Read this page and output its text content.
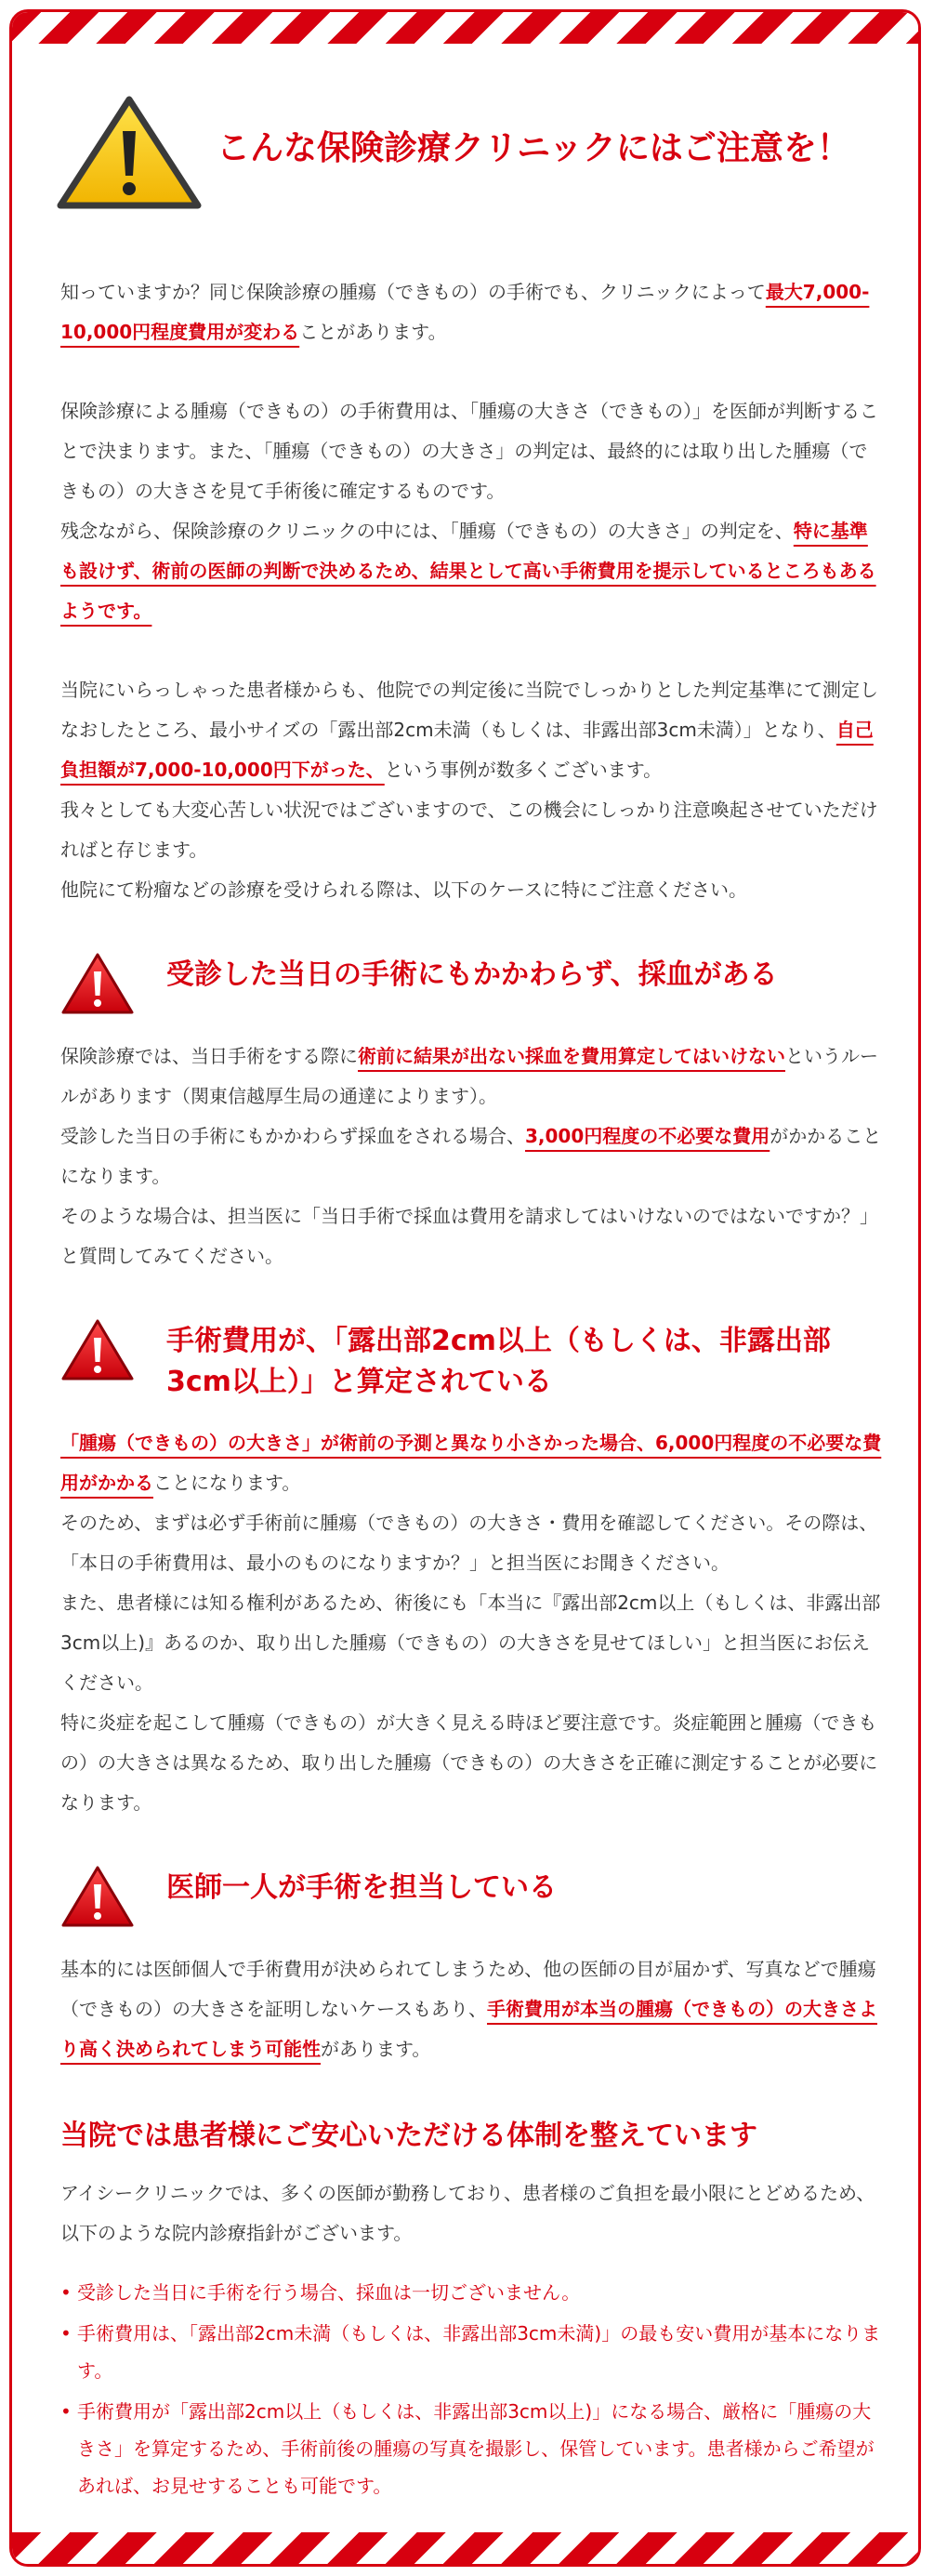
こんな保険診療クリニックにはご注意を！

知っていますか？同じ保険診療の腫瘍（できもの）の手術でも、クリニックによって最大7,000-10,000円程度費用が変わることがあります。

保険診療による腫瘍（できもの）の手術費用は、「腫瘍の大きさ（できもの）」を医師が判断することで決まります。また、「腫瘍（できもの）の大きさ」の判定は、最終的には取り出した腫瘍（できもの）の大きさを見て手術後に確定するものです。

残念ながら、保険診療のクリニックの中には、「腫瘍（できもの）の大きさ」の判定を、特に基準も設けず、術前の医師の判断で決めるため、結果として高い手術費用を提示しているところもあるようです。

当院にいらっしゃった患者様からも、他院での判定後に当院でしっかりとした判定基準にて測定しなおしたところ、最小サイズの「露出部2cm未満（もしくは、非露出部3cm未満）」となり、自己負担額が7,000-10,000円下がった、という事例が数多くございます。

我々としても大変心苦しい状況ではございますので、この機会にしっかり注意喚起させていただければと存じます。

他院にて粉瘤などの診療を受けられる際は、以下のケースに特にご注意ください。

受診した当日の手術にもかかわらず、採血がある

保険診療では、当日手術をする際に術前に結果が出ない採血を費用算定してはいけないというルールがあります（関東信越厚生局の通達によります）。

受診した当日の手術にもかかわらず採血をされる場合、3,000円程度の不必要な費用がかかることになります。

そのような場合は、担当医に「当日手術で採血は費用を請求してはいけないのではないですか？」と質問してみてください。

手術費用が、「露出部2cm以上（もしくは、非露出部3cm以上）」と算定されている

「腫瘍（できもの）の大きさ」が術前の予測と異なり小さかった場合、6,000円程度の不必要な費用がかかることになります。

そのため、まずは必ず手術前に腫瘍（できもの）の大きさ・費用を確認してください。その際は、「本日の手術費用は、最小のものになりますか？」と担当医にお聞きください。

また、患者様には知る権利があるため、術後にも「本当に『露出部2cm以上（もしくは、非露出部3cm以上)』あるのか、取り出した腫瘍（できもの）の大きさを見せてほしい」と担当医にお伝えください。

特に炎症を起こして腫瘍（できもの）が大きく見える時ほど要注意です。炎症範囲と腫瘍（できもの）の大きさは異なるため、取り出した腫瘍（できもの）の大きさを正確に測定することが必要になります。

医師一人が手術を担当している

基本的には医師個人で手術費用が決められてしまうため、他の医師の目が届かず、写真などで腫瘍（できもの）の大きさを証明しないケースもあり、手術費用が本当の腫瘍（できもの）の大きさより高く決められてしまう可能性があります。

当院では患者様にご安心いただける体制を整えています

アイシークリニックでは、多くの医師が勤務しており、患者様のご負担を最小限にとどめるため、以下のような院内診療指針がございます。

• 受診した当日に手術を行う場合、採血は一切ございません。
• 手術費用は、「露出部2cm未満（もしくは、非露出部3cm未満)」の最も安い費用が基本になります。
• 手術費用が「露出部2cm以上（もしくは、非露出部3cm以上)」になる場合、厳格に「腫瘍の大きさ」を算定するため、手術前後の腫瘍の写真を撮影し、保管しています。患者様からご希望があれば、お見せすることも可能です。
